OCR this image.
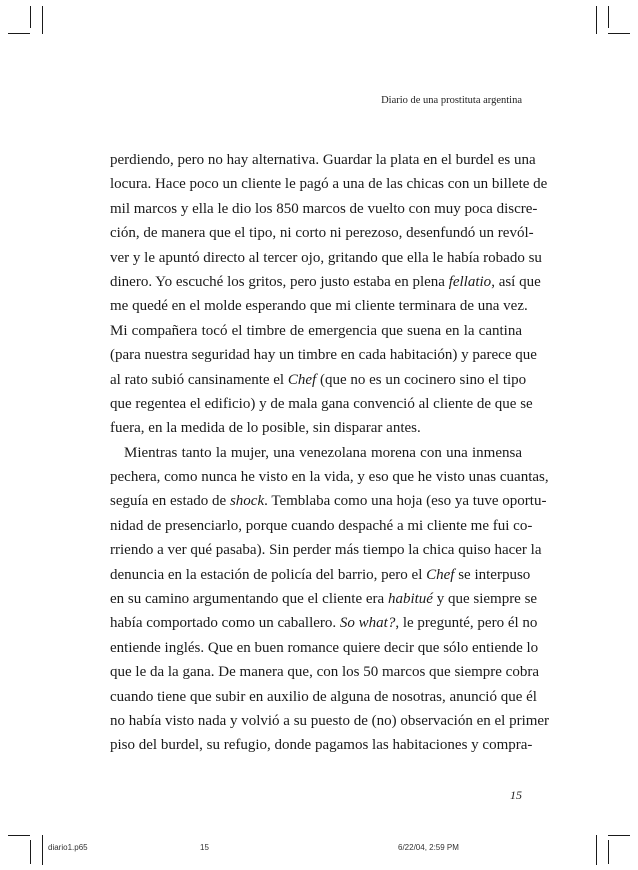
Diario de una prostituta argentina
perdiendo, pero no hay alternativa. Guardar la plata en el burdel es una
locura. Hace poco un cliente le pagó a una de las chicas con un billete de
mil marcos y ella le dio los 850 marcos de vuelto con muy poca discre-
ción, de manera que el tipo, ni corto ni perezoso, desenfundó un revól-
ver y le apuntó directo al tercer ojo, gritando que ella le había robado su
dinero. Yo escuché los gritos, pero justo estaba en plena fellatio, así que
me quedé en el molde esperando que mi cliente terminara de una vez.
Mi compañera tocó el timbre de emergencia que suena en la cantina
(para nuestra seguridad hay un timbre en cada habitación) y parece que
al rato subió cansinamente el Chef (que no es un cocinero sino el tipo
que regentea el edificio) y de mala gana convenció al cliente de que se
fuera, en la medida de lo posible, sin disparar antes.
Mientras tanto la mujer, una venezolana morena con una inmensa
pechera, como nunca he visto en la vida, y eso que he visto unas cuantas,
seguía en estado de shock. Temblaba como una hoja (eso ya tuve oportu-
nidad de presenciarlo, porque cuando despaché a mi cliente me fui co-
rriendo a ver qué pasaba). Sin perder más tiempo la chica quiso hacer la
denuncia en la estación de policía del barrio, pero el Chef se interpuso
en su camino argumentando que el cliente era habitué y que siempre se
había comportado como un caballero. So what?, le pregunté, pero él no
entiende inglés. Que en buen romance quiere decir que sólo entiende lo
que le da la gana. De manera que, con los 50 marcos que siempre cobra
cuando tiene que subir en auxilio de alguna de nosotras, anunció que él
no había visto nada y volvió a su puesto de (no) observación en el primer
piso del burdel, su refugio, donde pagamos las habitaciones y compra-
15
diario1.p65	15	6/22/04, 2:59 PM
